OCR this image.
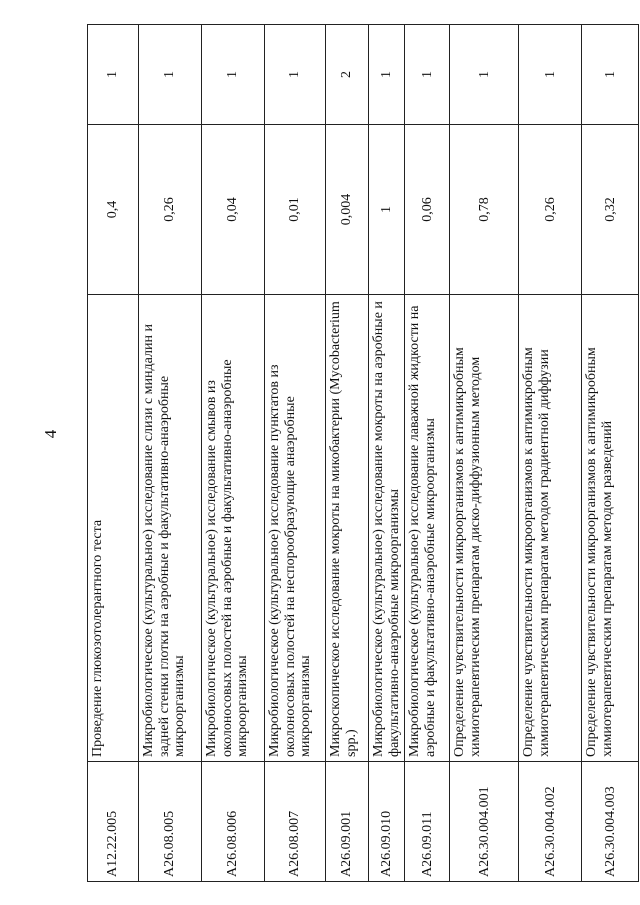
4
A12.22.005	Проведение глюкозотолерантного теста	0,4	1
A26.08.005	Микробиологическое (культуральное) исследование слизи с миндалин и задней стенки глотки на аэробные и факультативно-анаэробные микроорганизмы	0,26	1
A26.08.006	Микробиологическое (культуральное) исследование смывов из околоносовых полостей на аэробные и факультативно-анаэробные микроорганизмы	0,04	1
A26.08.007	Микробиологическое (культуральное) исследование пунктатов из околоносовых полостей на неспорообразующие анаэробные микроорганизмы	0,01	1
A26.09.001	Микроскопическое исследование мокроты на микобактерии (Mycobacterium spp.)	0,004	2
A26.09.010	Микробиологическое (культуральное) исследование мокроты на аэробные и факультативно-анаэробные микроорганизмы	1	1
A26.09.011	Микробиологическое (культуральное) исследование лаважной жидкости на аэробные и факультативно-анаэробные микроорганизмы	0,06	1
A26.30.004.001	Определение чувствительности микроорганизмов к антимикробным химиотерапевтическим препаратам диско-диффузионным методом	0,78	1
A26.30.004.002	Определение чувствительности микроорганизмов к антимикробным химиотерапевтическим препаратам методом градиентной диффузии	0,26	1
A26.30.004.003	Определение чувствительности микроорганизмов к антимикробным химиотерапевтическим препаратам методом разведений	0,32	1
